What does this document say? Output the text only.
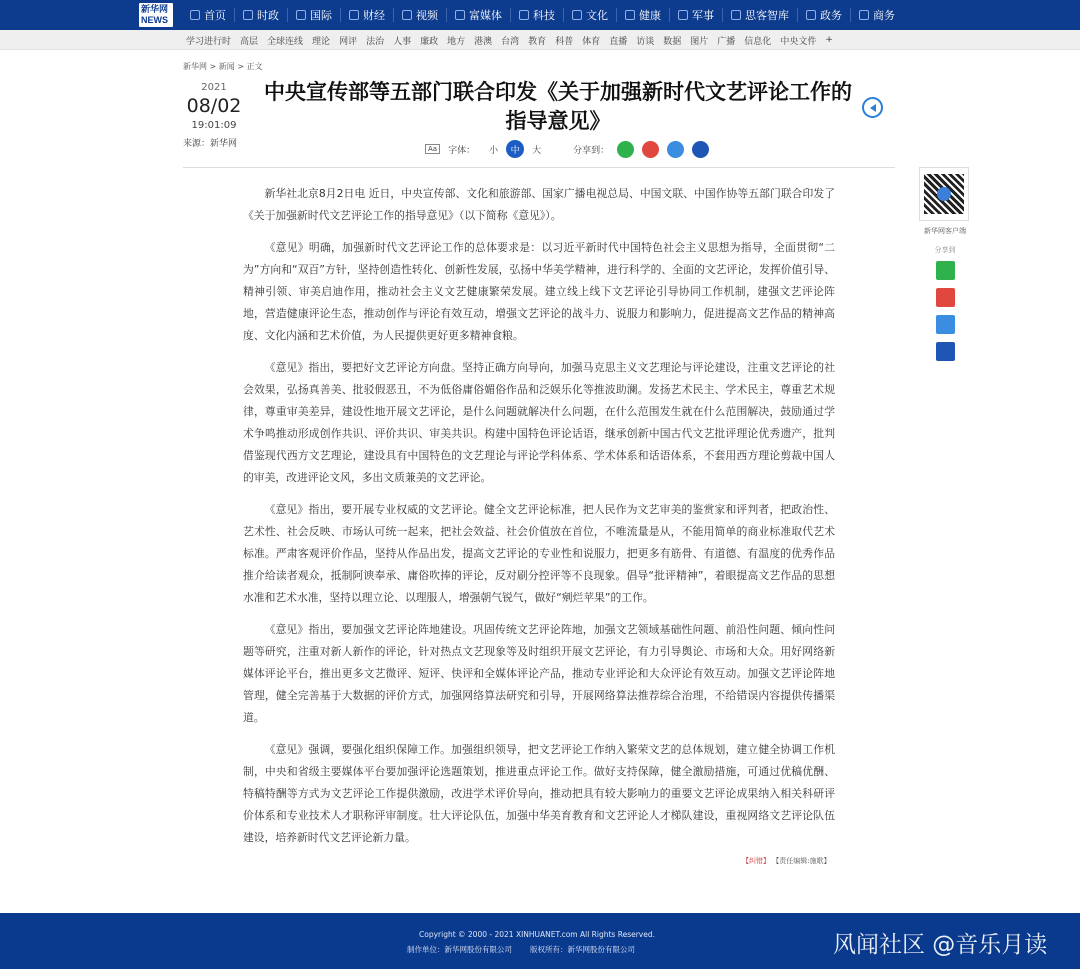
新华网 NEWS	首页	时政	国际	财经	视频	富媒体	科技	文化	健康	军事	思客智库	政务	商务
学习进行时 高层 全球连线 理论 网评 法治 人事 廉政 地方 港澳 台湾 教育 科普 体育 直播 访谈 数据 图片 广播 信息化 中央文件 +
新华网 > 新闻 > 正文
2021
08/02
19:01:09
来源：新华网
中央宣传部等五部门联合印发《关于加强新时代文艺评论工作的指导意见》
Aa	字体： 小	中	大	分享到：

新华社北京8月2日电 近日，中央宣传部、文化和旅游部、国家广播电视总局、中国文联、中国作协等五部门联合印发了《关于加强新时代文艺评论工作的指导意见》（以下简称《意见》）。

《意见》明确，加强新时代文艺评论工作的总体要求是：以习近平新时代中国特色社会主义思想为指导，全面贯彻“二为”方向和“双百”方针，坚持创造性转化、创新性发展，弘扬中华美学精神，进行科学的、全面的文艺评论，发挥价值引导、精神引领、审美启迪作用，推动社会主义文艺健康繁荣发展。建立线上线下文艺评论引导协同工作机制，建强文艺评论阵地，营造健康评论生态，推动创作与评论有效互动，增强文艺评论的战斗力、说服力和影响力，促进提高文艺作品的精神高度、文化内涵和艺术价值，为人民提供更好更多精神食粮。

《意见》指出，要把好文艺评论方向盘。坚持正确方向导向，加强马克思主义文艺理论与评论建设，注重文艺评论的社会效果，弘扬真善美、批驳假恶丑，不为低俗庸俗媚俗作品和泛娱乐化等推波助澜。发扬艺术民主、学术民主，尊重艺术规律，尊重审美差异，建设性地开展文艺评论，是什么问题就解决什么问题，在什么范围发生就在什么范围解决，鼓励通过学术争鸣推动形成创作共识、评价共识、审美共识。构建中国特色评论话语，继承创新中国古代文艺批评理论优秀遗产，批判借鉴现代西方文艺理论，建设具有中国特色的文艺理论与评论学科体系、学术体系和话语体系，不套用西方理论剪裁中国人的审美，改进评论文风，多出文质兼美的文艺评论。

《意见》指出，要开展专业权威的文艺评论。健全文艺评论标准，把人民作为文艺审美的鉴赏家和评判者，把政治性、艺术性、社会反映、市场认可统一起来，把社会效益、社会价值放在首位，不唯流量是从，不能用简单的商业标准取代艺术标准。严肃客观评价作品，坚持从作品出发，提高文艺评论的专业性和说服力，把更多有筋骨、有道德、有温度的优秀作品推介给读者观众，抵制阿谀奉承、庸俗吹捧的评论，反对刷分控评等不良现象。倡导“批评精神”，着眼提高文艺作品的思想水准和艺术水准，坚持以理立论、以理服人，增强朝气锐气，做好“剜烂苹果”的工作。

《意见》指出，要加强文艺评论阵地建设。巩固传统文艺评论阵地，加强文艺领域基础性问题、前沿性问题、倾向性问题等研究，注重对新人新作的评论，针对热点文艺现象等及时组织开展文艺评论，有力引导舆论、市场和大众。用好网络新媒体评论平台，推出更多文艺微评、短评、快评和全媒体评论产品，推动专业评论和大众评论有效互动。加强文艺评论阵地管理，健全完善基于大数据的评价方式，加强网络算法研究和引导，开展网络算法推荐综合治理，不给错误内容提供传播渠道。

《意见》强调，要强化组织保障工作。加强组织领导，把文艺评论工作纳入繁荣文艺的总体规划，建立健全协调工作机制，中央和省级主要媒体平台要加强评论选题策划，推进重点评论工作。做好支持保障，健全激励措施，可通过优稿优酬、特稿特酬等方式为文艺评论工作提供激励，改进学术评价导向，推动把具有较大影响力的重要文艺评论成果纳入相关科研评价体系和专业技术人才职称评审制度。壮大评论队伍，加强中华美育教育和文艺评论人才梯队建设，重视网络文艺评论队伍建设，培养新时代文艺评论新力量。

【纠错】 【责任编辑:施歌】
新华网客户端
分享到
Copyright © 2000 - 2021 XINHUANET.com All Rights Reserved.
制作单位：新华网股份有限公司 版权所有：新华网股份有限公司	风闻社区 @音乐月读
